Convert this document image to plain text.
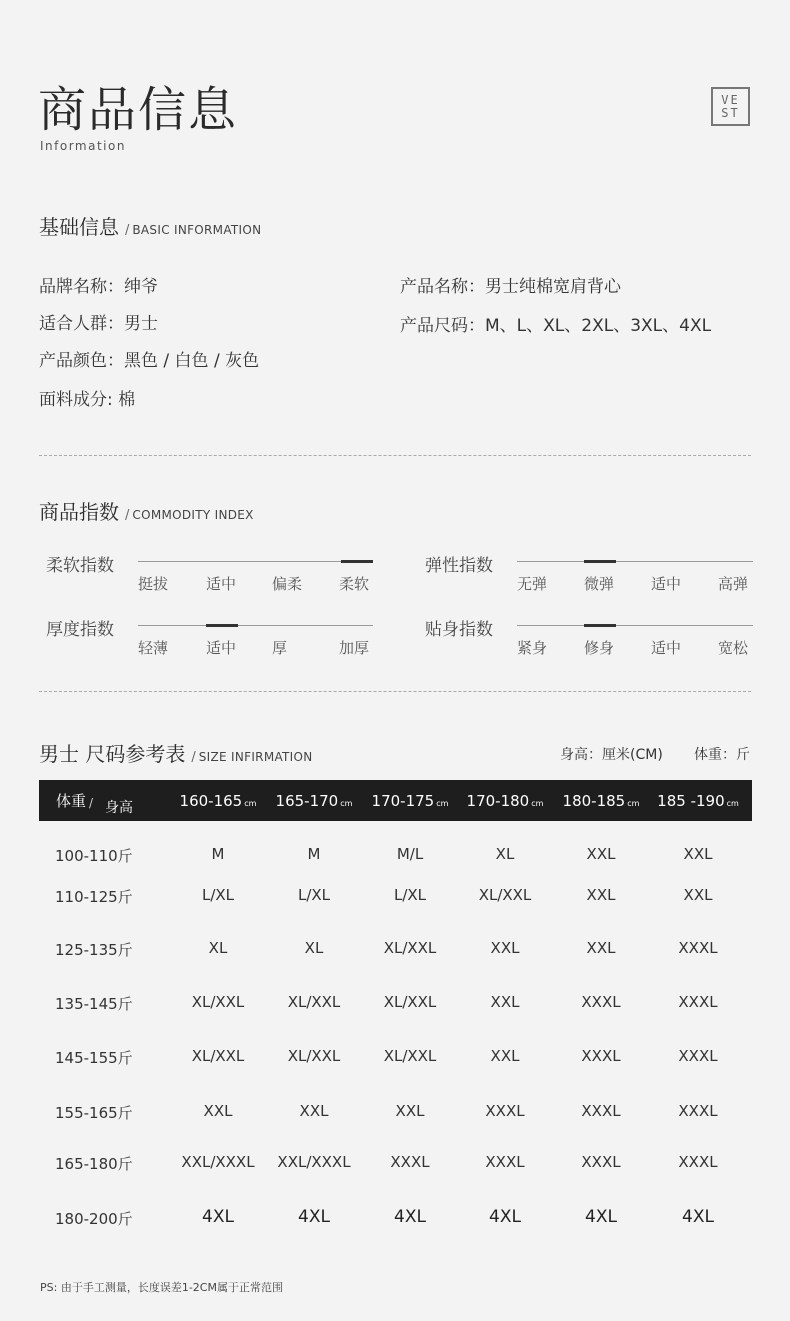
商品信息
Information
VE
ST
基础信息 / BASIC INFORMATION
品牌名称：绅爷
适合人群：男士
产品颜色：黑色 / 白色 / 灰色
面料成分: 棉
产品名称：男士纯棉宽肩背心
产品尺码：M、L、XL、2XL、3XL、4XL
商品指数 / COMMODITY INDEX
柔软指数
挺拔	适中 偏柔 柔软
弹性指数
无弹 微弹 适中 高弹
厚度指数
轻薄	适中 厚	加厚
贴身指数
紧身 修身 适中 宽松
男士 尺码参考表 / SIZE INFIRMATION	身高：厘米(CM) 体重：斤
体重 / 身高	160-165 cm 165-170 cm 170-175 cm 170-180 cm 180-185 cm 185 -190 cm
100-110斤	M	M	M/L	XL	XXL	XXL
110-125斤	L/XL	L/XL	L/XL	XL/XXL	XXL	XXL
125-135斤	XL	XL	XL/XXL	XXL	XXL	XXXL
135-145斤	XL/XXL	XL/XXL	XL/XXL	XXL	XXXL	XXXL
145-155斤	XL/XXL	XL/XXL	XL/XXL	XXL	XXXL	XXXL
155-165斤	XXL	XXL	XXL	XXXL	XXXL	XXXL
165-180斤	XXL/XXXL XXL/XXXL	XXXL	XXXL	XXXL	XXXL
180-200斤	4XL	4XL	4XL	4XL	4XL	4XL
PS: 由于手工测量，长度误差1-2CM属于正常范围
